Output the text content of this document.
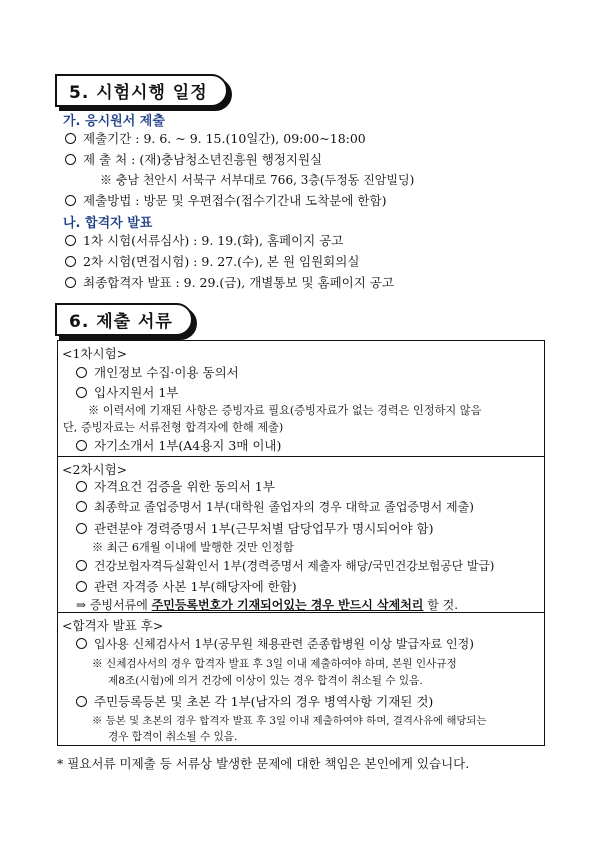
5. 시험시행 일정
가. 응시원서 제출
제출기간 : 9. 6. ~ 9. 15.(10일간), 09:00~18:00
제 출 처 : (재)충남청소년진흥원 행정지원실
※ 충남 천안시 서북구 서부대로 766, 3층(두정동 진암빌딩)
제출방법 : 방문 및 우편접수(접수기간내 도착분에 한함)
나. 합격자 발표
1차 시험(서류심사) : 9. 19.(화), 홈페이지 공고
2차 시험(면접시험) : 9. 27.(수), 본 원 임원회의실
최종합격자 발표 : 9. 29.(금), 개별통보 및 홈페이지 공고
6. 제출 서류
<1차시험>
개인정보 수집·이용 동의서
입사지원서 1부
※ 이력서에 기재된 사항은 증빙자료 필요(증빙자료가 없는 경력은 인정하지 않음
단, 증빙자료는 서류전형 합격자에 한해 제출)
자기소개서 1부(A4용지 3매 이내)
<2차시험>
자격요건 검증을 위한 동의서 1부
최종학교 졸업증명서 1부(대학원 졸업자의 경우 대학교 졸업증명서 제출)
관련분야 경력증명서 1부(근무처별 담당업무가 명시되어야 함)
※ 최근 6개월 이내에 발행한 것만 인정함
건강보험자격득실확인서 1부(경력증명서 제출자 해당/국민건강보험공단 발급)
관련 자격증 사본 1부(해당자에 한함)
⇒ 증빙서류에 주민등록번호가 기재되어있는 경우 반드시 삭제처리 할 것.
<합격자 발표 후>
입사용 신체검사서 1부(공무원 채용관련 준종합병원 이상 발급자료 인정)
※ 신체검사서의 경우 합격자 발표 후 3일 이내 제출하여야 하며, 본원 인사규정
제8조(시험)에 의거 건강에 이상이 있는 경우 합격이 취소될 수 있음.
주민등록등본 및 초본 각 1부(남자의 경우 병역사항 기재된 것)
※ 등본 및 초본의 경우 합격자 발표 후 3일 이내 제출하여야 하며, 결격사유에 해당되는
경우 합격이 취소될 수 있음.
* 필요서류 미제출 등 서류상 발생한 문제에 대한 책임은 본인에게 있습니다.
